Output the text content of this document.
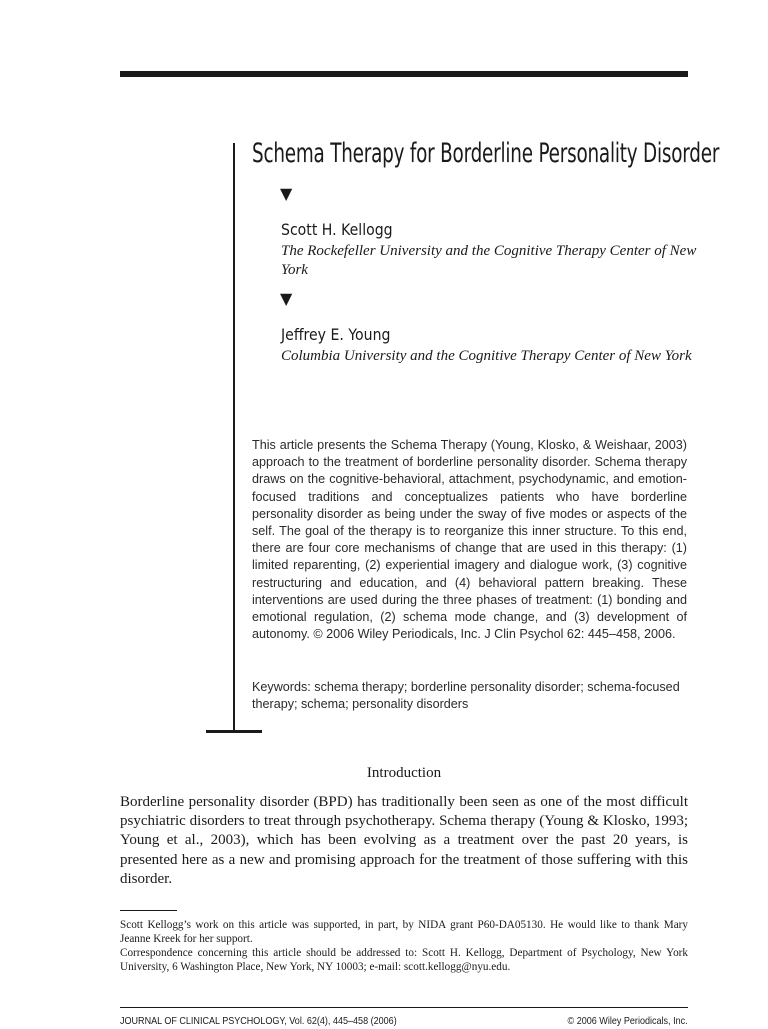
Schema Therapy for Borderline Personality Disorder
▼
Scott H. Kellogg
The Rockefeller University and the Cognitive Therapy Center of New York
▼
Jeffrey E. Young
Columbia University and the Cognitive Therapy Center of New York
This article presents the Schema Therapy (Young, Klosko, & Weishaar, 2003) approach to the treatment of borderline personality disorder. Schema therapy draws on the cognitive-behavioral, attachment, psychodynamic, and emotion-focused traditions and conceptualizes patients who have borderline personality disorder as being under the sway of five modes or aspects of the self. The goal of the therapy is to reorganize this inner structure. To this end, there are four core mechanisms of change that are used in this therapy: (1) limited reparenting, (2) experiential imagery and dialogue work, (3) cognitive restructuring and education, and (4) behavioral pattern breaking. These interventions are used during the three phases of treatment: (1) bonding and emotional regulation, (2) schema mode change, and (3) development of autonomy. © 2006 Wiley Periodicals, Inc. J Clin Psychol 62: 445–458, 2006.
Keywords: schema therapy; borderline personality disorder; schema-focused therapy; schema; personality disorders
Introduction
Borderline personality disorder (BPD) has traditionally been seen as one of the most difficult psychiatric disorders to treat through psychotherapy. Schema therapy (Young & Klosko, 1993; Young et al., 2003), which has been evolving as a treatment over the past 20 years, is presented here as a new and promising approach for the treatment of those suffering with this disorder.

Scott Kellogg’s work on this article was supported, in part, by NIDA grant P60-DA05130. He would like to thank Mary Jeanne Kreek for her support.

Correspondence concerning this article should be addressed to: Scott H. Kellogg, Department of Psychology, New York University, 6 Washington Place, New York, NY 10003; e-mail: scott.kellogg@nyu.edu.

JOURNAL OF CLINICAL PSYCHOLOGY, Vol. 62(4), 445–458 (2006)	© 2006 Wiley Periodicals, Inc.
